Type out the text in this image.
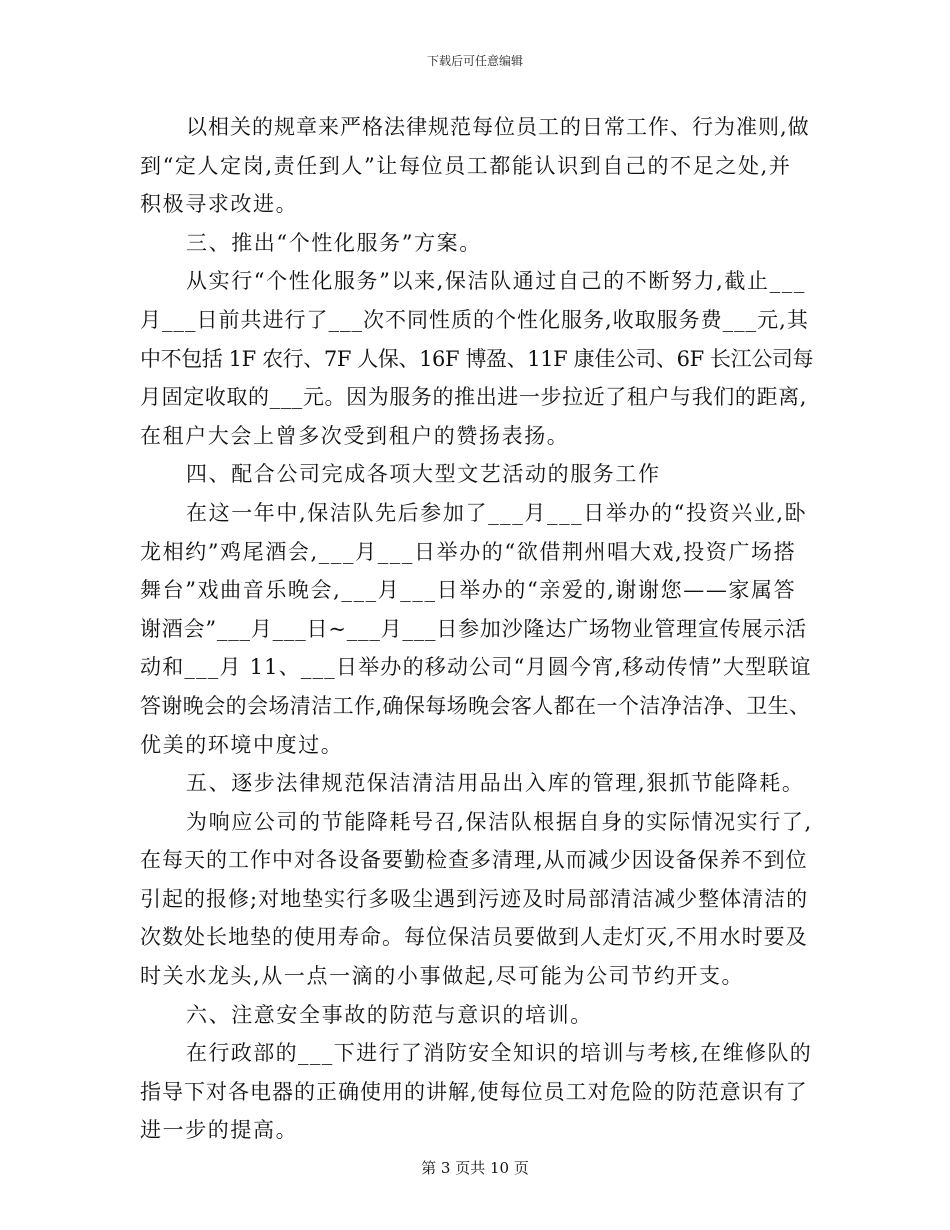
下载后可任意编辑
以相关的规章来严格法律规范每位员工的日常工作、行为准则,做
到“定人定岗,责任到人”让每位员工都能认识到自己的不足之处,并
积极寻求改进。
三、推出“个性化服务”方案。
从实行“个性化服务”以来,保洁队通过自己的不断努力,截止___
月___日前共进行了___次不同性质的个性化服务,收取服务费___元,其
中不包括 1F 农行、7F 人保、16F 博盈、11F 康佳公司、6F 长江公司每
月固定收取的___元。因为服务的推出进一步拉近了租户与我们的距离,
在租户大会上曾多次受到租户的赞扬表扬。
四、配合公司完成各项大型文艺活动的服务工作
在这一年中,保洁队先后参加了___月___日举办的“投资兴业,卧
龙相约”鸡尾酒会,___月___日举办的“欲借荆州唱大戏,投资广场搭
舞台”戏曲音乐晚会,___月___日举办的“亲爱的,谢谢您——家属答
谢酒会”___月___日~___月___日参加沙隆达广场物业管理宣传展示活
动和___月 11、___日举办的移动公司“月圆今宵,移动传情”大型联谊
答谢晚会的会场清洁工作,确保每场晚会客人都在一个洁净洁净、卫生、
优美的环境中度过。
五、逐步法律规范保洁清洁用品出入库的管理,狠抓节能降耗。
为响应公司的节能降耗号召,保洁队根据自身的实际情况实行了,
在每天的工作中对各设备要勤检查多清理,从而减少因设备保养不到位
引起的报修;对地垫实行多吸尘遇到污迹及时局部清洁减少整体清洁的
次数处长地垫的使用寿命。每位保洁员要做到人走灯灭,不用水时要及
时关水龙头,从一点一滴的小事做起,尽可能为公司节约开支。
六、注意安全事故的防范与意识的培训。
在行政部的___下进行了消防安全知识的培训与考核,在维修队的
指导下对各电器的正确使用的讲解,使每位员工对危险的防范意识有了
进一步的提高。
第 3 页共 10 页
